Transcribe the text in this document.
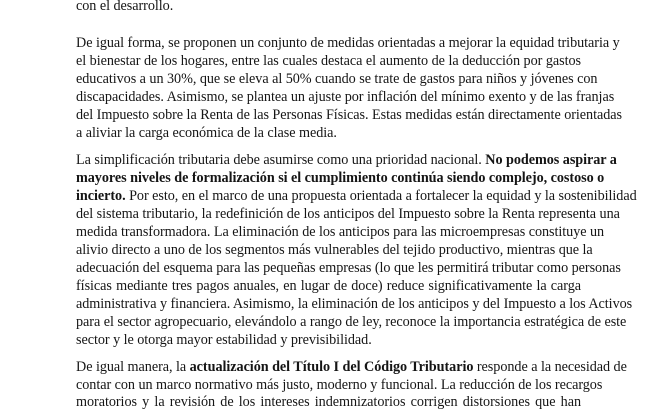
con el desarrollo.

De igual forma, se proponen un conjunto de medidas orientadas a mejorar la equidad tributaria y

el bienestar de los hogares, entre las cuales destaca el aumento de la deducción por gastos

educativos a un 30%, que se eleva al 50% cuando se trate de gastos para niños y jóvenes con

discapacidades. Asimismo, se plantea un ajuste por inflación del mínimo exento y de las franjas

del Impuesto sobre la Renta de las Personas Físicas. Estas medidas están directamente orientadas

a aliviar la carga económica de la clase media.

La simplificación tributaria debe asumirse como una prioridad nacional. No podemos aspirar a

mayores niveles de formalización si el cumplimiento continúa siendo complejo, costoso o

incierto. Por esto, en el marco de una propuesta orientada a fortalecer la equidad y la sostenibilidad

del sistema tributario, la redefinición de los anticipos del Impuesto sobre la Renta representa una

medida transformadora. La eliminación de los anticipos para las microempresas constituye un

alivio directo a uno de los segmentos más vulnerables del tejido productivo, mientras que la

adecuación del esquema para las pequeñas empresas (lo que les permitirá tributar como personas

físicas mediante tres pagos anuales, en lugar de doce) reduce significativamente la carga

administrativa y financiera. Asimismo, la eliminación de los anticipos y del Impuesto a los Activos

para el sector agropecuario, elevándolo a rango de ley, reconoce la importancia estratégica de este

sector y le otorga mayor estabilidad y previsibilidad.

De igual manera, la actualización del Título I del Código Tributario responde a la necesidad de

contar con un marco normativo más justo, moderno y funcional. La reducción de los recargos

moratorios y la revisión de los intereses indemnizatorios corrigen distorsiones que han
